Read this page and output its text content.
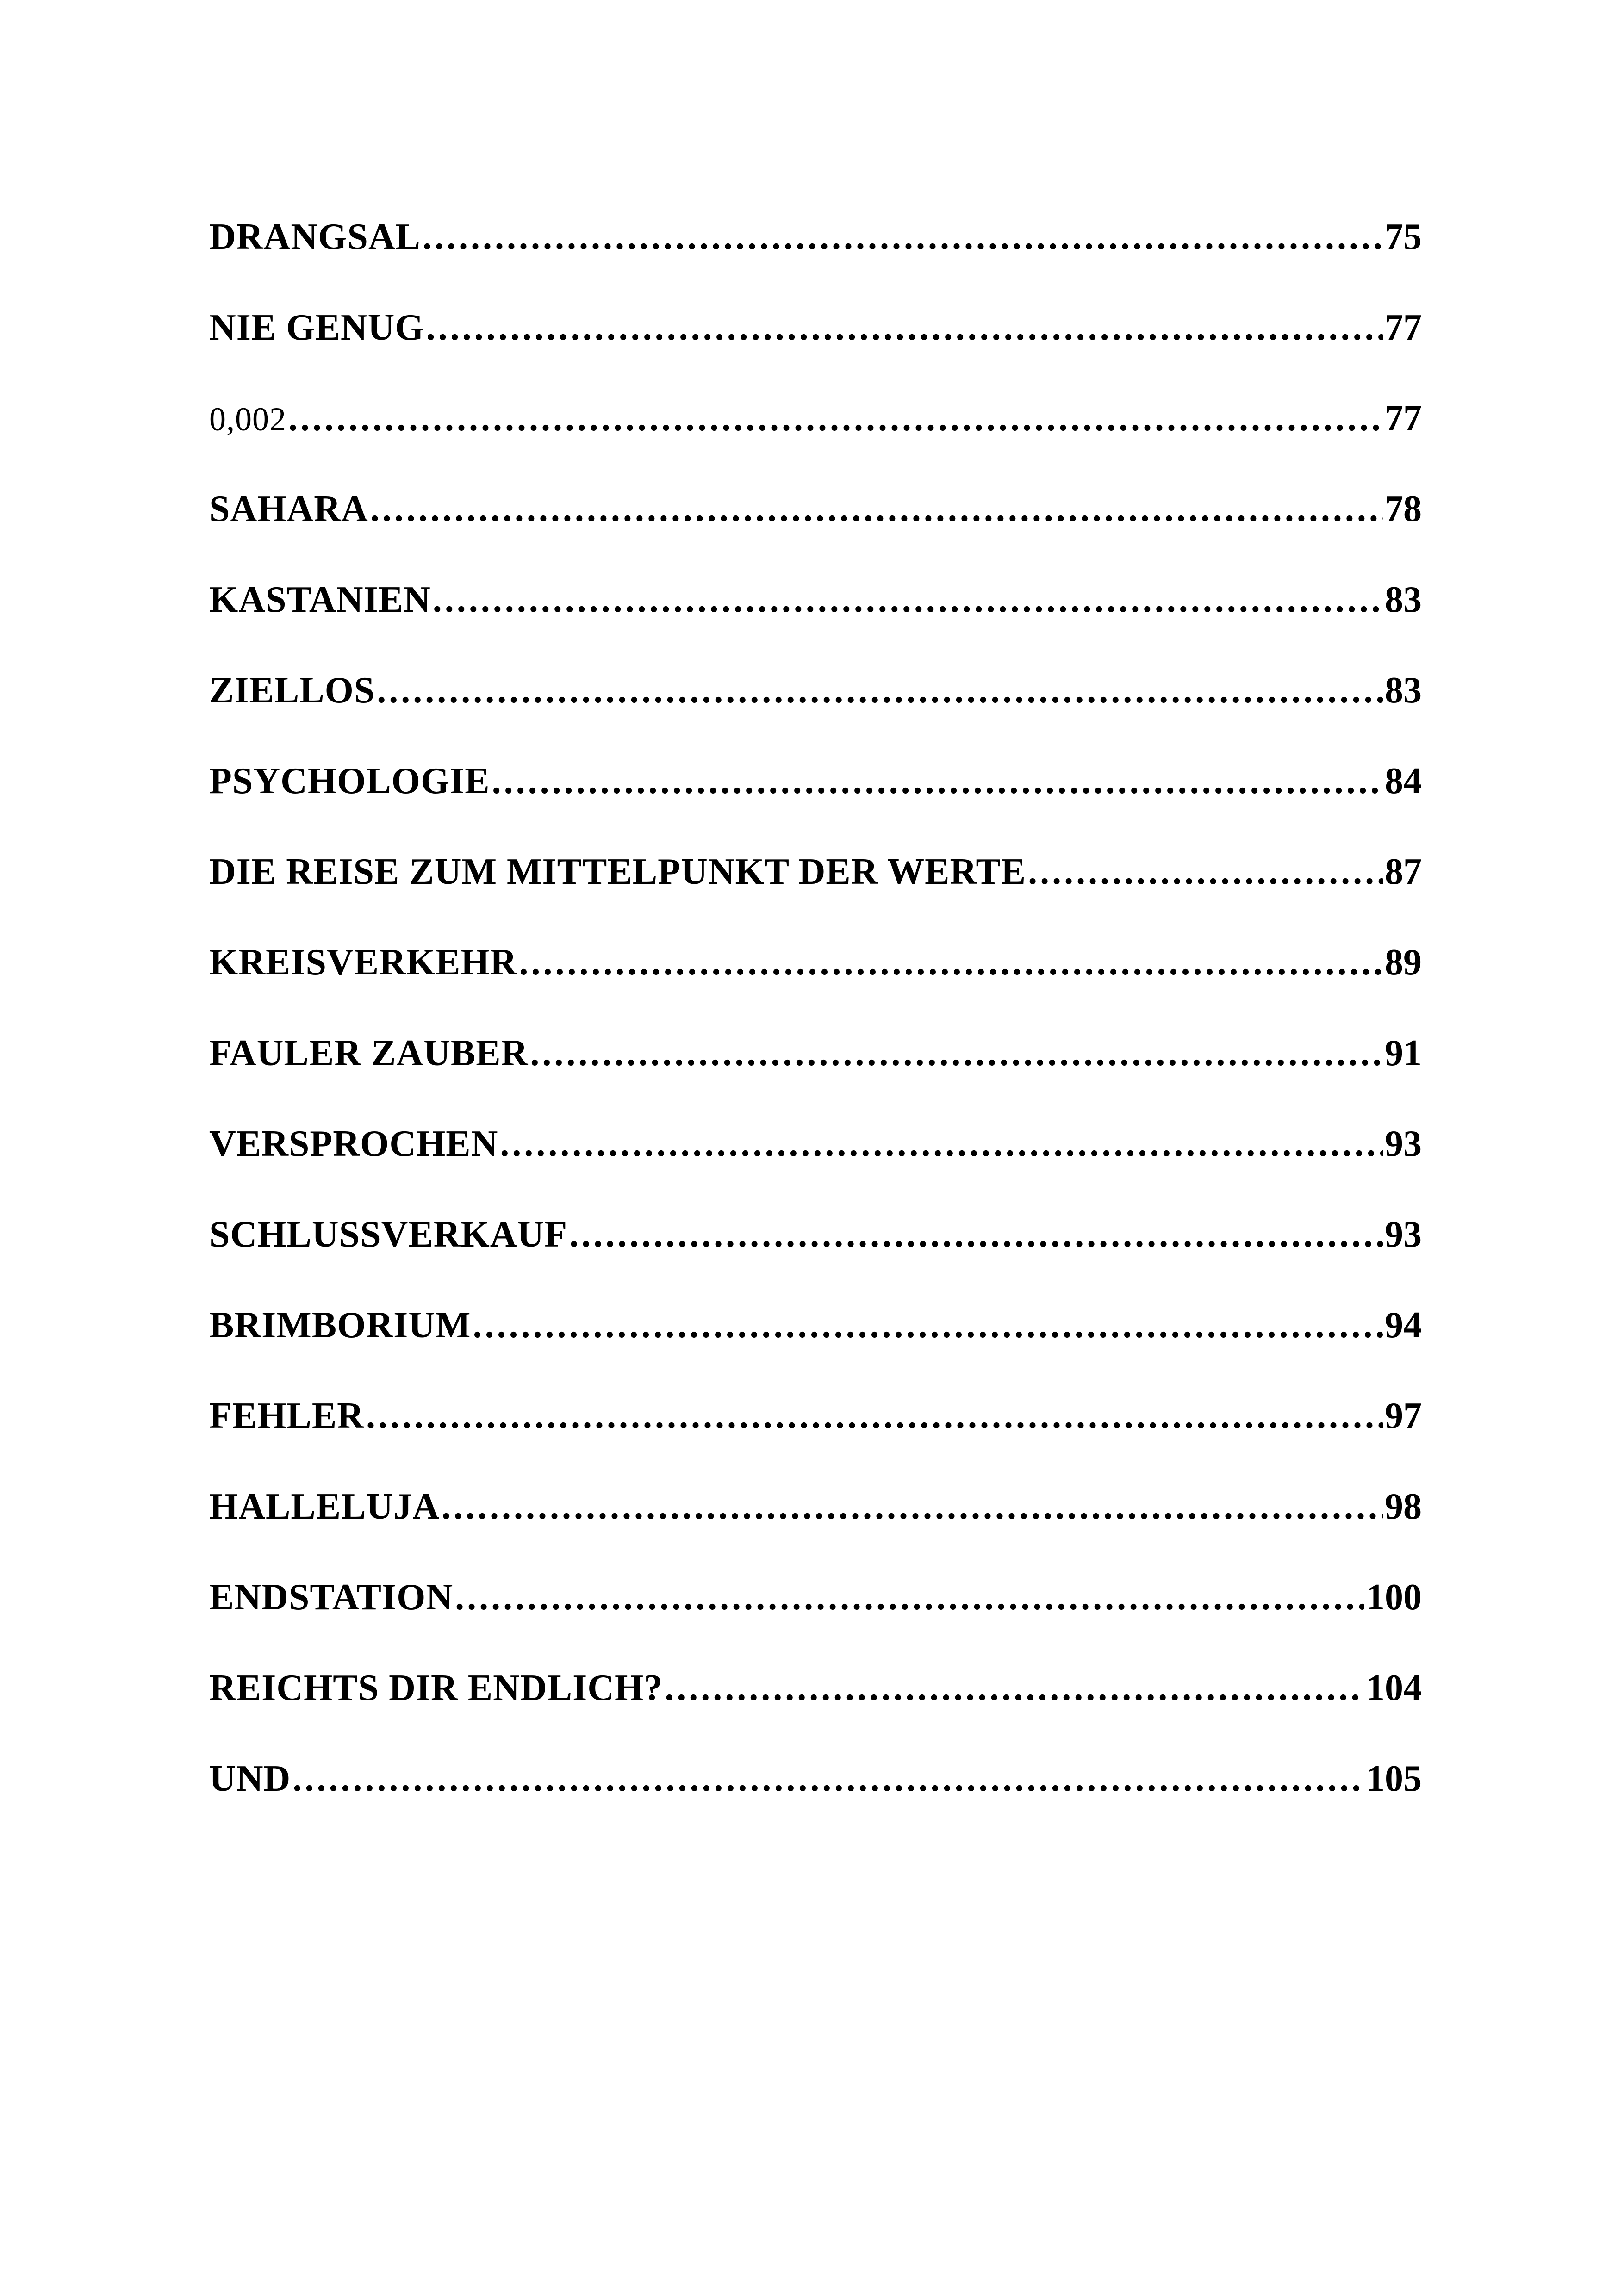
DRANGSAL .....	75
NIE GENUG .....	77
0,002 .....	77
SAHARA .....	78
KASTANIEN .....	83
ZIELLOS .....	83
PSYCHOLOGIE .....	84
DIE REISE ZUM MITTELPUNKT DER WERTE .....	87
KREISVERKEHR .....	89
FAULER ZAUBER .....	91
VERSPROCHEN .....	93
SCHLUSSVERKAUF .....	93
BRIMBORIUM .....	94
FEHLER .....	97
HALLELUJA .....	98
ENDSTATION .....	100
REICHTS DIR ENDLICH? .....	104
UND .....	105
